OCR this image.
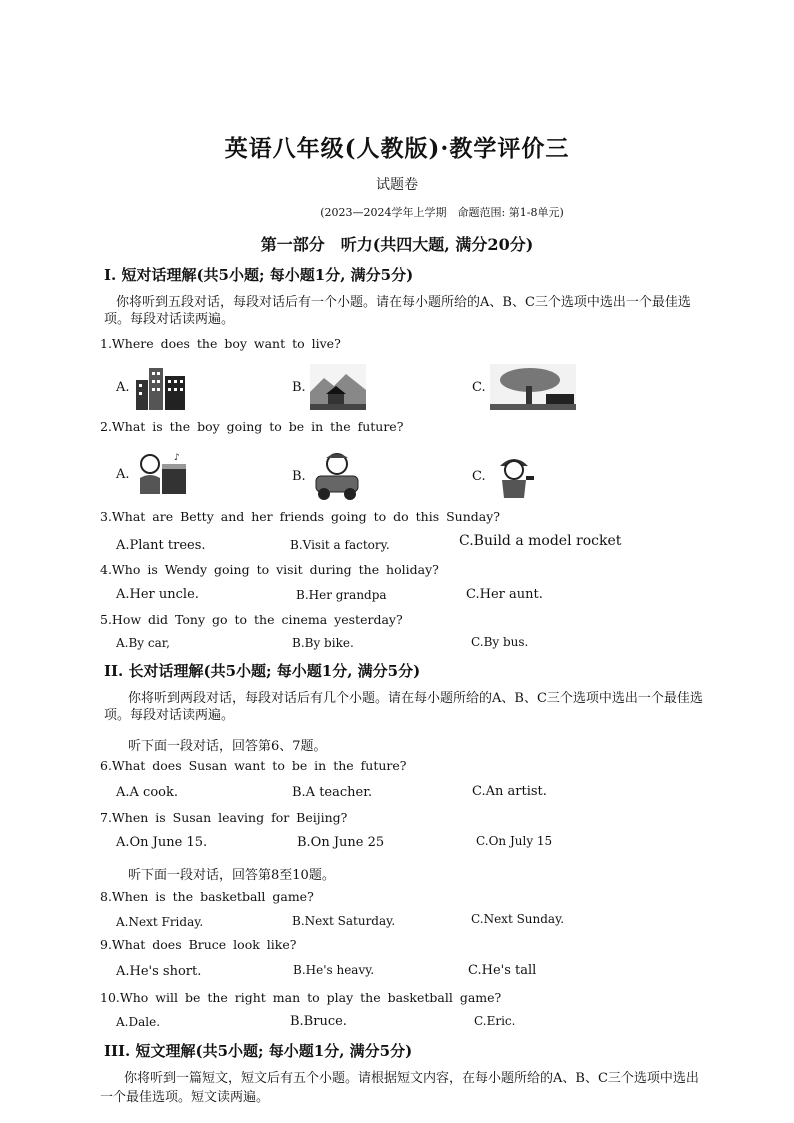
英语八年级(人教版)·教学评价三
试题卷
(2023—2024学年上学期　命题范围: 第1-8单元)
第一部分　听力(共四大题, 满分20分)
I. 短对话理解(共5小题; 每小题1分, 满分5分)
你将听到五段对话，每段对话后有一个小题。请在每小题所给的A、B、C三个选项中选出一个最佳选项。每段对话读两遍。
1.Where does the boy want to live?
A.	B.	C.
2.What is the boy going to be in the future?
A.
♪
B.	C.
3.What are Betty and her friends going to do this Sunday?
A.Plant trees.	B.Visit a factory.	C.Build a model rocket
4.Who is Wendy going to visit during the holiday?
A.Her uncle.	B.Her grandpa	C.Her aunt.
5.How did Tony go to the cinema yesterday?
A.By car,	B.By bike.	C.By bus.
II. 长对话理解(共5小题; 每小题1分, 满分5分)
你将听到两段对话，每段对话后有几个小题。请在每小题所给的A、B、C三个选项中选出一个最佳选项。每段对话读两遍。
听下面一段对话，回答第6、7题。
6.What does Susan want to be in the future?
A.A cook.	B.A teacher.	C.An artist.
7.When is Susan leaving for Beijing?
A.On June 15.	B.On June 25	C.On July 15
听下面一段对话，回答第8至10题。
8.When is the basketball game?
A.Next Friday.	B.Next Saturday.	C.Next Sunday.
9.What does Bruce look like?
A.He's short.	B.He's heavy.	C.He's tall
10.Who will be the right man to play the basketball game?
A.Dale.	B.Bruce.	C.Eric.
III. 短文理解(共5小题; 每小题1分, 满分5分)
你将听到一篇短文，短文后有五个小题。请根据短文内容，在每小题所给的A、B、C三个选项中选出一个最佳选项。短文读两遍。
